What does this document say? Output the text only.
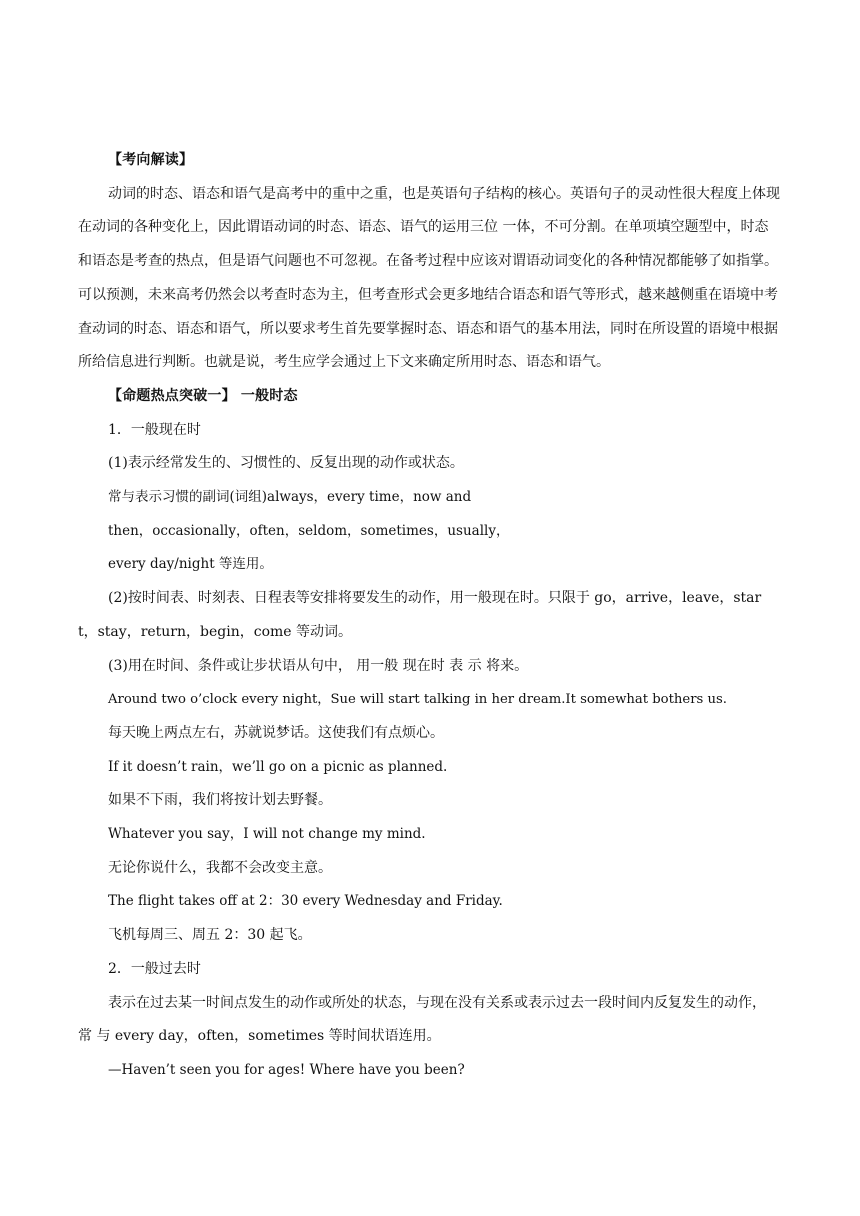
【考向解读】

动词的时态、语态和语气是高考中的重中之重，也是英语句子结构的核心。英语句子的灵动性很大程度上体现在动词的各种变化上，因此谓语动词的时态、语态、语气的运用三位 一体，不可分割。在单项填空题型中，时态和语态是考查的热点，但是语气问题也不可忽视。在备考过程中应该对谓语动词变化的各种情况都能够了如指掌。可以预测，未来高考仍然会以考查时态为主，但考查形式会更多地结合语态和语气等形式，越来越侧重在语境中考查动词的时态、语态和语气，所以要求考生首先要掌握时态、语态和语气的基本用法，同时在所设置的语境中根据所给信息进行判断。也就是说，考生应学会通过上下文来确定所用时态、语态和语气。

【命题热点突破一】 一般时态

1．一般现在时

(1)表示经常发生的、习惯性的、反复出现的动作或状态。

常与表示习惯的副词(词组)always，every time，now and

then，occasionally，often，seldom，sometimes，usually，

every day/night 等连用。

(2)按时间表、时刻表、日程表等安排将要发生的动作，用一般现在时。只限于 go，arrive，leave，start，stay，return，begin，come 等动词。

(3)用在时间、条件或让步状语从句中， 用一般 现在时 表 示 将来。

Around two o’clock every night，Sue will start talking in her dream.It somewhat bothers us.

每天晚上两点左右，苏就说梦话。这使我们有点烦心。

If it doesn’t rain，we’ll go on a picnic as planned.

如果不下雨，我们将按计划去野餐。

Whatever you say，I will not change my mind.

无论你说什么，我都不会改变主意。

The flight takes off at 2：30 every Wednesday and Friday.

飞机每周三、周五 2：30 起飞。

2．一般过去时

表示在过去某一时间点发生的动作或所处的状态，与现在没有关系或表示过去一段时间内反复发生的动作， 常 与 every day，often，sometimes 等时间状语连用。

—Haven’t seen you for ages! Where have you been?
